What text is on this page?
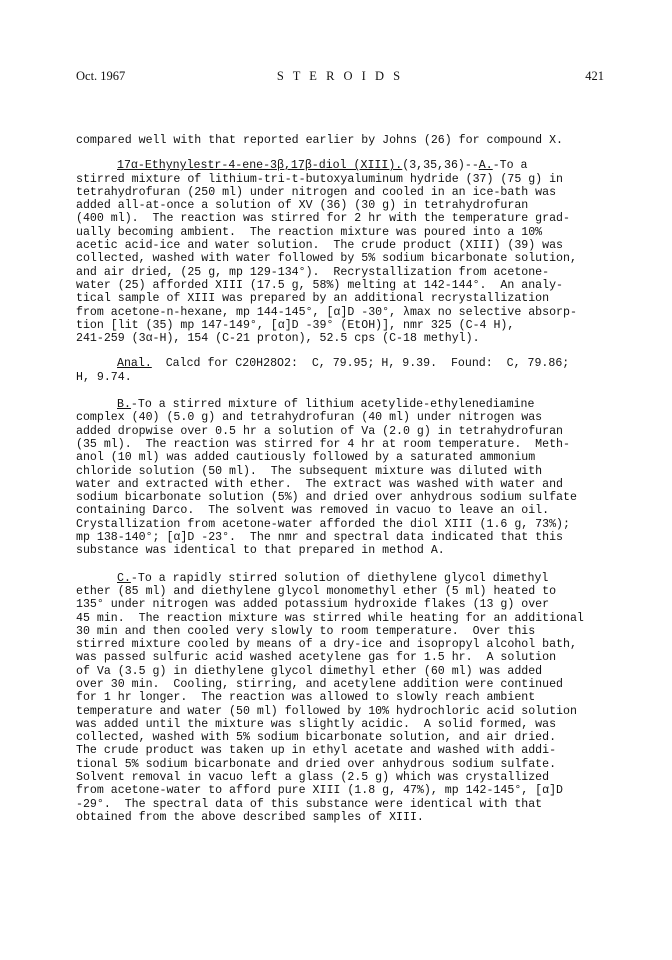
Oct. 1967	S T E R O I D S	421

compared well with that reported earlier by Johns (26) for compound X.

17α-Ethynylestr-4-ene-3β,17β-diol (XIII).(3,35,36)--A.-To a

stirred mixture of lithium-tri-t-butoxyaluminum hydride (37) (75 g) in

tetrahydrofuran (250 ml) under nitrogen and cooled in an ice-bath was

added all-at-once a solution of XV (36) (30 g) in tetrahydrofuran

(400 ml).  The reaction was stirred for 2 hr with the temperature grad-

ually becoming ambient.  The reaction mixture was poured into a 10%

acetic acid-ice and water solution.  The crude product (XIII) (39) was

collected, washed with water followed by 5% sodium bicarbonate solution,

and air dried, (25 g, mp 129-134°).  Recrystallization from acetone-

water (25) afforded XIII (17.5 g, 58%) melting at 142-144°.  An analy-

tical sample of XIII was prepared by an additional recrystallization

from acetone-n-hexane, mp 144-145°, [α]D -30°, λmax no selective absorp-

tion [lit (35) mp 147-149°, [α]D -39° (EtOH)], nmr 325 (C-4 H),

241-259 (3α-H), 154 (C-21 proton), 52.5 cps (C-18 methyl).

Anal.  Calcd for C20H28O2:  C, 79.95; H, 9.39.  Found:  C, 79.86;

H, 9.74.

B.-To a stirred mixture of lithium acetylide-ethylenediamine

complex (40) (5.0 g) and tetrahydrofuran (40 ml) under nitrogen was

added dropwise over 0.5 hr a solution of Va (2.0 g) in tetrahydrofuran

(35 ml).  The reaction was stirred for 4 hr at room temperature.  Meth-

anol (10 ml) was added cautiously followed by a saturated ammonium

chloride solution (50 ml).  The subsequent mixture was diluted with

water and extracted with ether.  The extract was washed with water and

sodium bicarbonate solution (5%) and dried over anhydrous sodium sulfate

containing Darco.  The solvent was removed in vacuo to leave an oil.

Crystallization from acetone-water afforded the diol XIII (1.6 g, 73%);

mp 138-140°; [α]D -23°.  The nmr and spectral data indicated that this

substance was identical to that prepared in method A.

C.-To a rapidly stirred solution of diethylene glycol dimethyl

ether (85 ml) and diethylene glycol monomethyl ether (5 ml) heated to

135° under nitrogen was added potassium hydroxide flakes (13 g) over

45 min.  The reaction mixture was stirred while heating for an additional

30 min and then cooled very slowly to room temperature.  Over this

stirred mixture cooled by means of a dry-ice and isopropyl alcohol bath,

was passed sulfuric acid washed acetylene gas for 1.5 hr.  A solution

of Va (3.5 g) in diethylene glycol dimethyl ether (60 ml) was added

over 30 min.  Cooling, stirring, and acetylene addition were continued

for 1 hr longer.  The reaction was allowed to slowly reach ambient

temperature and water (50 ml) followed by 10% hydrochloric acid solution

was added until the mixture was slightly acidic.  A solid formed, was

collected, washed with 5% sodium bicarbonate solution, and air dried.

The crude product was taken up in ethyl acetate and washed with addi-

tional 5% sodium bicarbonate and dried over anhydrous sodium sulfate.

Solvent removal in vacuo left a glass (2.5 g) which was crystallized

from acetone-water to afford pure XIII (1.8 g, 47%), mp 142-145°, [α]D

-29°.  The spectral data of this substance were identical with that

obtained from the above described samples of XIII.
